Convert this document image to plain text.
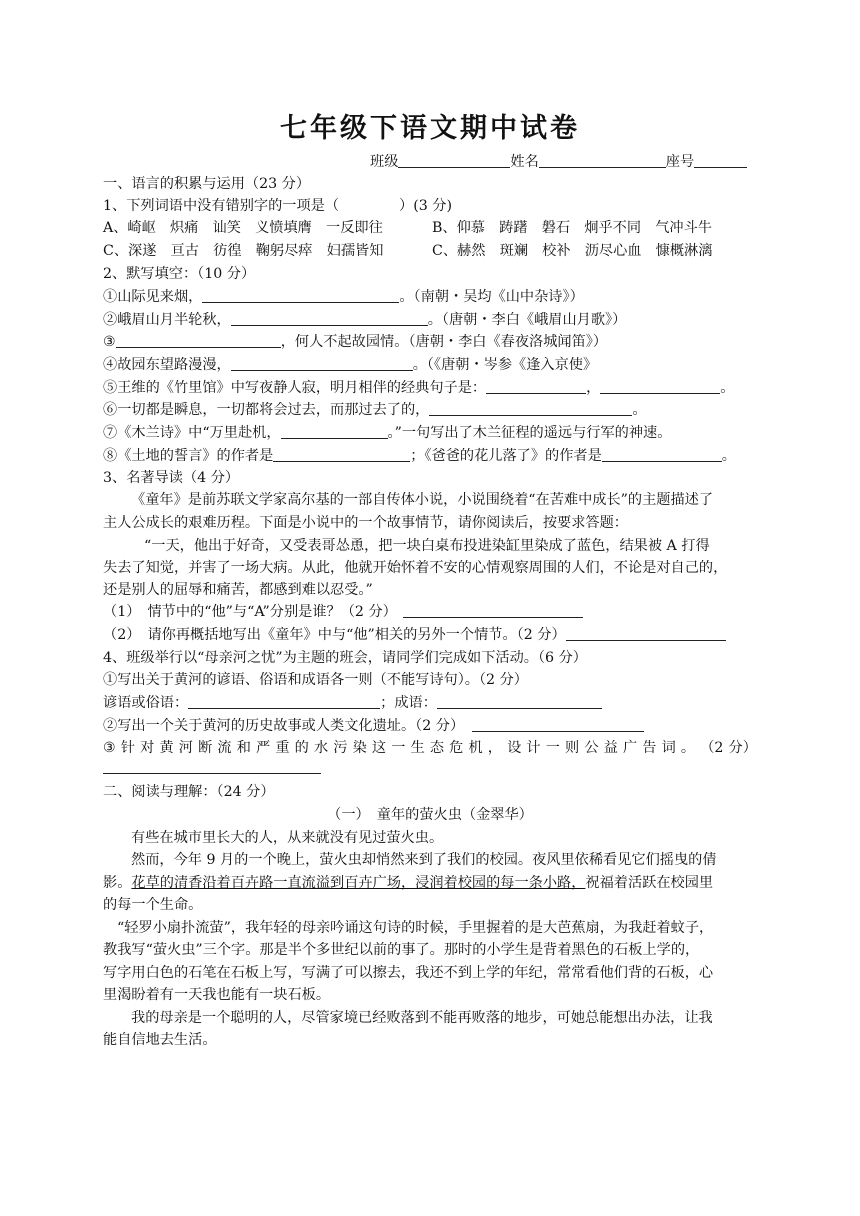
七年级下语文期中试卷
班级	姓名	座号
一、语言的积累与运用（23 分）
1、下列词语中没有错别字的一项是（	）(3 分)
A、崎岖　炽痛　讪笑　义愤填膺　一反即往	B、仰慕　踌躇　磐石　炯乎不同　气冲斗牛
C、深遂　亘古　彷徨　鞠躬尽瘁　妇孺皆知	C、赫然　斑斓　校补　沥尽心血　慷概淋漓
2、默写填空：（10 分）
①山际见来烟，	。（南朝・吴均《山中杂诗》）
②峨眉山月半轮秋，	。（唐朝・李白《峨眉山月歌》）
③	，何人不起故园情。（唐朝・李白《春夜洛城闻笛》）
④故园东望路漫漫，	。（《唐朝・岑参《逢入京使》
⑤王维的《竹里馆》中写夜静人寂，明月相伴的经典句子是：	，	。
⑥一切都是瞬息，一切都将会过去，而那过去了的，	。
⑦《木兰诗》中“万里赴机，	。”一句写出了木兰征程的遥远与行军的神速。
⑧《土地的誓言》的作者是	；《爸爸的花儿落了》的作者是	。
3、名著导读（4 分）
《童年》是前苏联文学家高尔基的一部自传体小说，小说围绕着“在苦难中成长”的主题描述了
主人公成长的艰难历程。下面是小说中的一个故事情节，请你阅读后，按要求答题：
“一天，他出于好奇，又受表哥怂恿，把一块白桌布投进染缸里染成了蓝色，结果被 A 打得
失去了知觉，并害了一场大病。从此，他就开始怀着不安的心情观察周围的人们，不论是对自己的，
还是别人的屈辱和痛苦，都感到难以忍受。”
（1）　情节中的“他”与“A”分别是谁？（2 分）
（2）　请你再概括地写出《童年》中与“他”相关的另外一个情节。（2 分）
4、班级举行以“母亲河之忧”为主题的班会，请同学们完成如下活动。（6 分）
①写出关于黄河的谚语、俗语和成语各一则（不能写诗句）。（2 分）
谚语或俗语：	；成语：
②写出一个关于黄河的历史故事或人类文化遗址。（2 分）
③ 针 对 黄 河 断 流 和 严 重 的 水 污 染 这 一 生 态 危 机 ， 设 计 一 则 公 益 广 告 词 。 （2 分）
二、阅读与理解：（24 分）
（一）　童年的萤火虫（金翠华）
有些在城市里长大的人，从来就没有见过萤火虫。
然而，今年 9 月的一个晚上，萤火虫却悄然来到了我们的校园。夜风里依稀看见它们摇曳的倩
影。花草的清香沿着百卉路一直流溢到百卉广场，浸润着校园的每一条小路，祝福着活跃在校园里
的每一个生命。
“轻罗小扇扑流萤”，我年轻的母亲吟诵这句诗的时候，手里握着的是大芭蕉扇，为我赶着蚊子，
教我写“萤火虫”三个字。那是半个多世纪以前的事了。那时的小学生是背着黑色的石板上学的，
写字用白色的石笔在石板上写，写满了可以擦去，我还不到上学的年纪，常常看他们背的石板，心
里渴盼着有一天我也能有一块石板。
我的母亲是一个聪明的人，尽管家境已经败落到不能再败落的地步，可她总能想出办法，让我
能自信地去生活。
